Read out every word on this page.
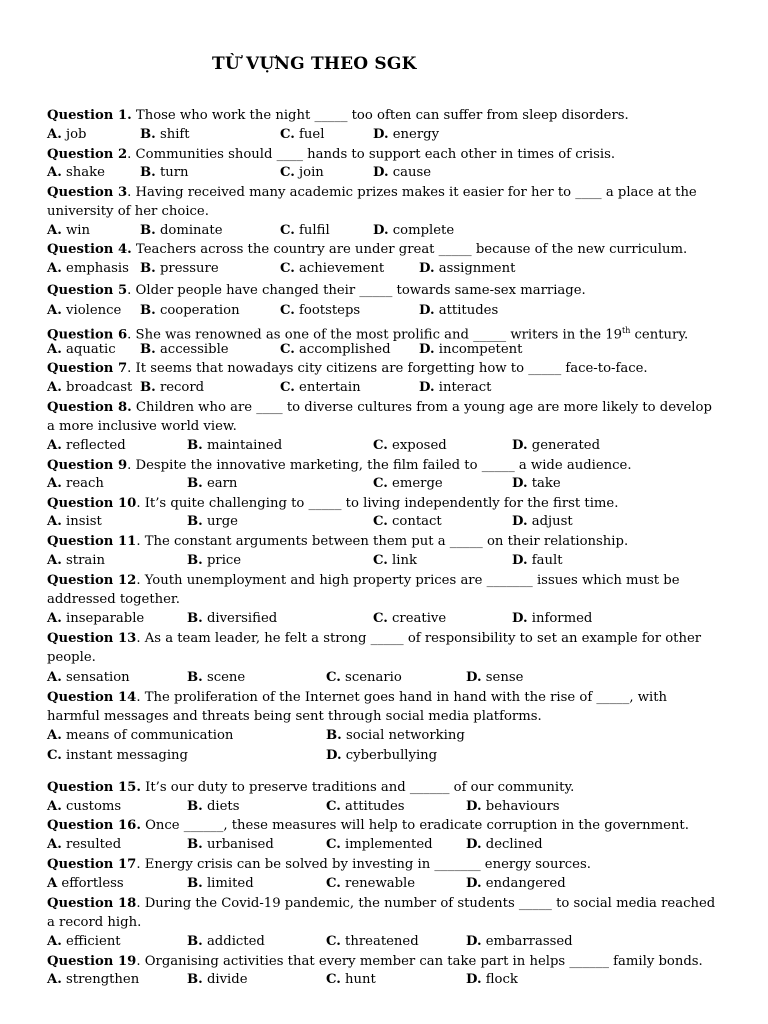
TỪ VỰNG THEO SGK
Question 1. Those who work the night _____ too often can suffer from sleep disorders.
A. job	B. shift	C. fuel	D. energy
Question 2. Communities should ____ hands to support each other in times of crisis.
A. shake	B. turn	C. join	D. cause
Question 3. Having received many academic prizes makes it easier for her to ____ a place at the university of her choice.
A. win	B. dominate	C. fulfil	D. complete
Question 4. Teachers across the country are under great _____ because of the new curriculum.
A. emphasis B. pressure	C. achievement	D. assignment
Question 5. Older people have changed their _____ towards same-sex marriage.
A. violence B. cooperation	C. footsteps	D. attitudes
Question 6. She was renowned as one of the most prolific and _____ writers in the 19th century.
A. aquatic B. accessible	C. accomplished D. incompetent
Question 7. It seems that nowadays city citizens are forgetting how to _____ face-to-face.
A. broadcast B. record	C. entertain	D. interact
Question 8. Children who are ____ to diverse cultures from a young age are more likely to develop a more inclusive world view.
A. reflected	B. maintained	C. exposed	D. generated
Question 9. Despite the innovative marketing, the film failed to _____ a wide audience.
A. reach	B. earn	C. emerge	D. take
Question 10. It’s quite challenging to _____ to living independently for the first time.
A. insist	B. urge	C. contact	D. adjust
Question 11. The constant arguments between them put a _____ on their relationship.
A. strain	B. price	C. link	D. fault
Question 12. Youth unemployment and high property prices are _______ issues which must be addressed together.
A. inseparable	B. diversified	C. creative	D. informed
Question 13. As a team leader, he felt a strong _____ of responsibility to set an example for other people.
A. sensation	B. scene	C. scenario	D. sense
Question 14. The proliferation of the Internet goes hand in hand with the rise of _____, with harmful messages and threats being sent through social media platforms.
A. means of communication	B. social networking
C. instant messaging	D. cyberbullying
Question 15. It’s our duty to preserve traditions and ______ of our community.
A. customs	B. diets	C. attitudes	D. behaviours
Question 16. Once ______, these measures will help to eradicate corruption in the government.
A. resulted	B. urbanised	C. implemented	D. declined
Question 17. Energy crisis can be solved by investing in _______ energy sources.
A effortless	B. limited	C. renewable	D. endangered
Question 18. During the Covid-19 pandemic, the number of students _____ to social media reached a record high.
A. efficient	B. addicted	C. threatened	D. embarrassed
Question 19. Organising activities that every member can take part in helps ______ family bonds.
A. strengthen	B. divide	C. hunt	D. flock
